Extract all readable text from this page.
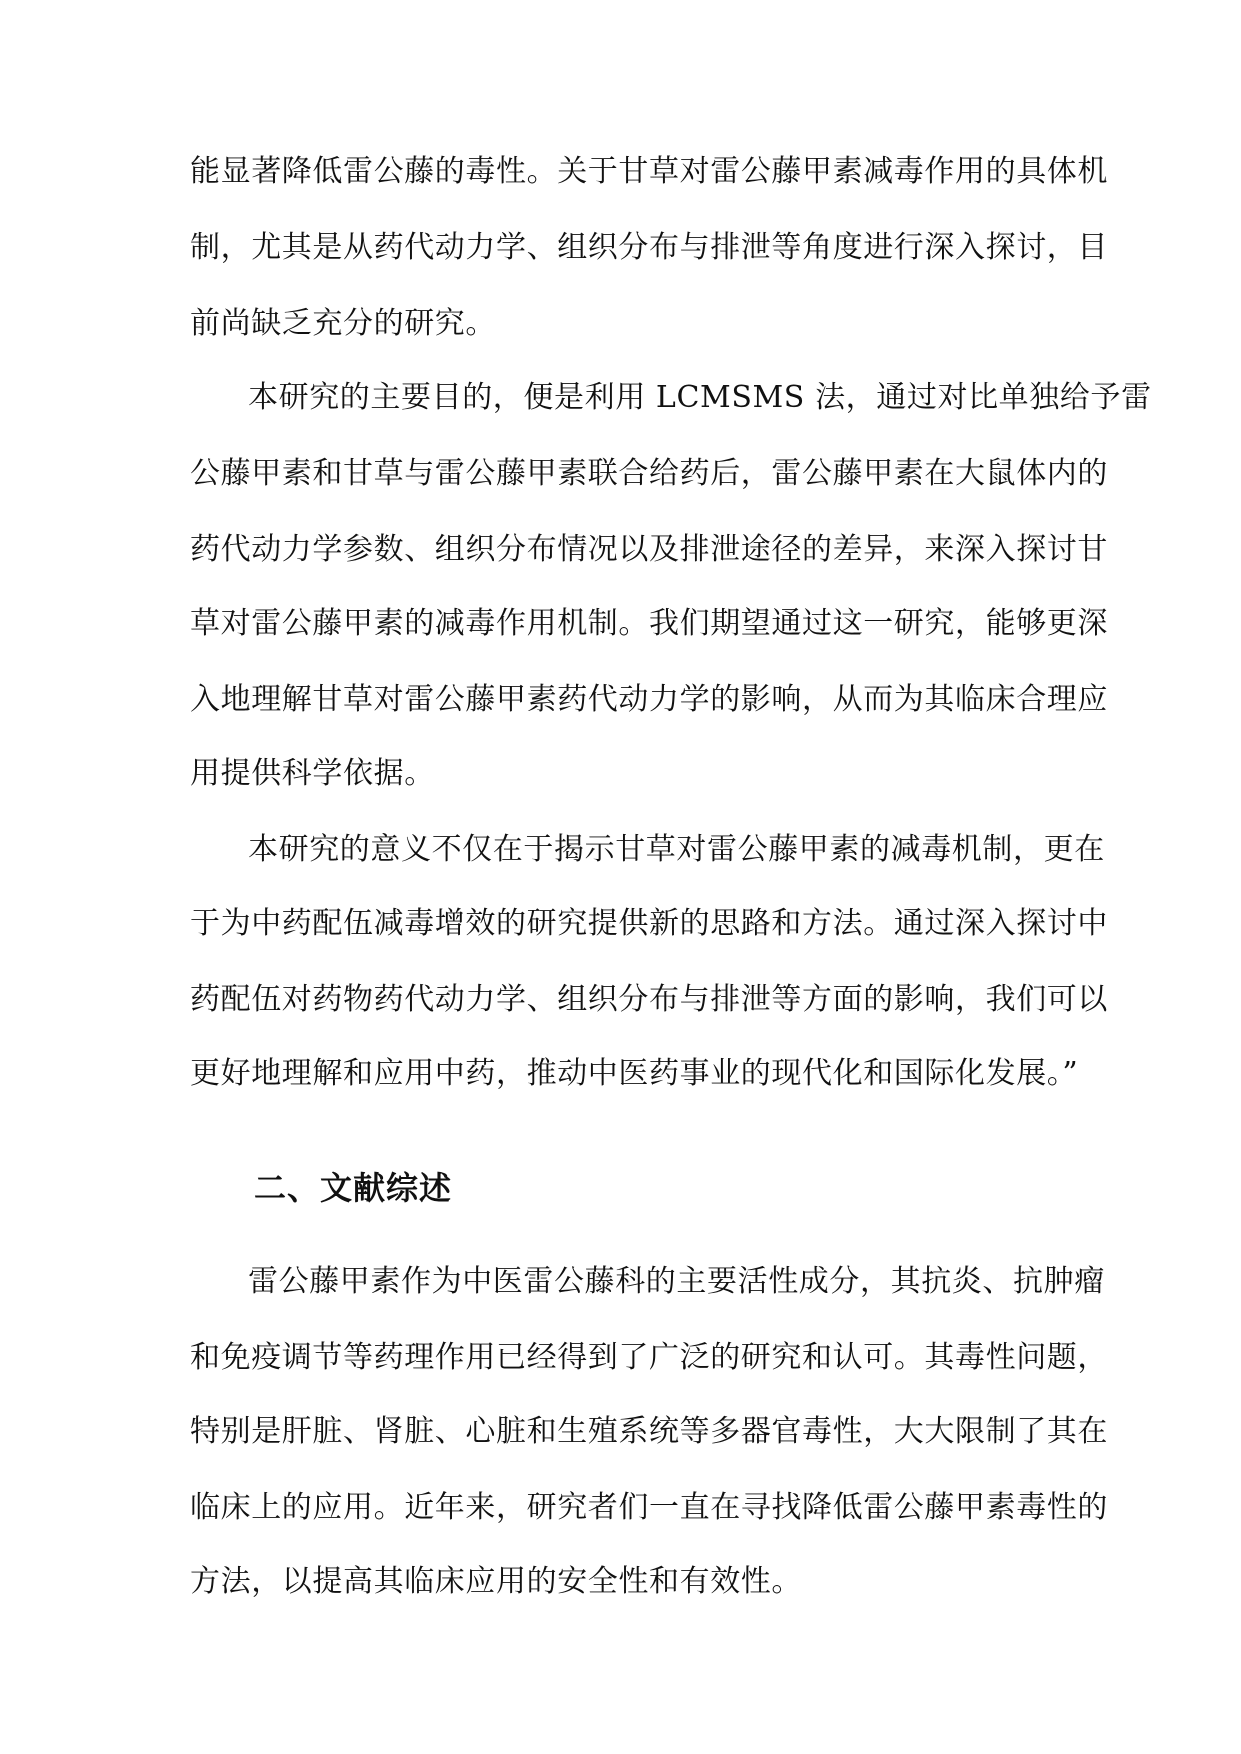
能显著降低雷公藤的毒性。关于甘草对雷公藤甲素减毒作用的具体机
制，尤其是从药代动力学、组织分布与排泄等角度进行深入探讨，目
前尚缺乏充分的研究。
本研究的主要目的，便是利用 LCMSMS 法，通过对比单独给予雷
公藤甲素和甘草与雷公藤甲素联合给药后，雷公藤甲素在大鼠体内的
药代动力学参数、组织分布情况以及排泄途径的差异，来深入探讨甘
草对雷公藤甲素的减毒作用机制。我们期望通过这一研究，能够更深
入地理解甘草对雷公藤甲素药代动力学的影响，从而为其临床合理应
用提供科学依据。
本研究的意义不仅在于揭示甘草对雷公藤甲素的减毒机制，更在
于为中药配伍减毒增效的研究提供新的思路和方法。通过深入探讨中
药配伍对药物药代动力学、组织分布与排泄等方面的影响，我们可以
更好地理解和应用中药，推动中医药事业的现代化和国际化发展。”
二、文献综述
雷公藤甲素作为中医雷公藤科的主要活性成分，其抗炎、抗肿瘤
和免疫调节等药理作用已经得到了广泛的研究和认可。其毒性问题，
特别是肝脏、肾脏、心脏和生殖系统等多器官毒性，大大限制了其在
临床上的应用。近年来，研究者们一直在寻找降低雷公藤甲素毒性的
方法，以提高其临床应用的安全性和有效性。
